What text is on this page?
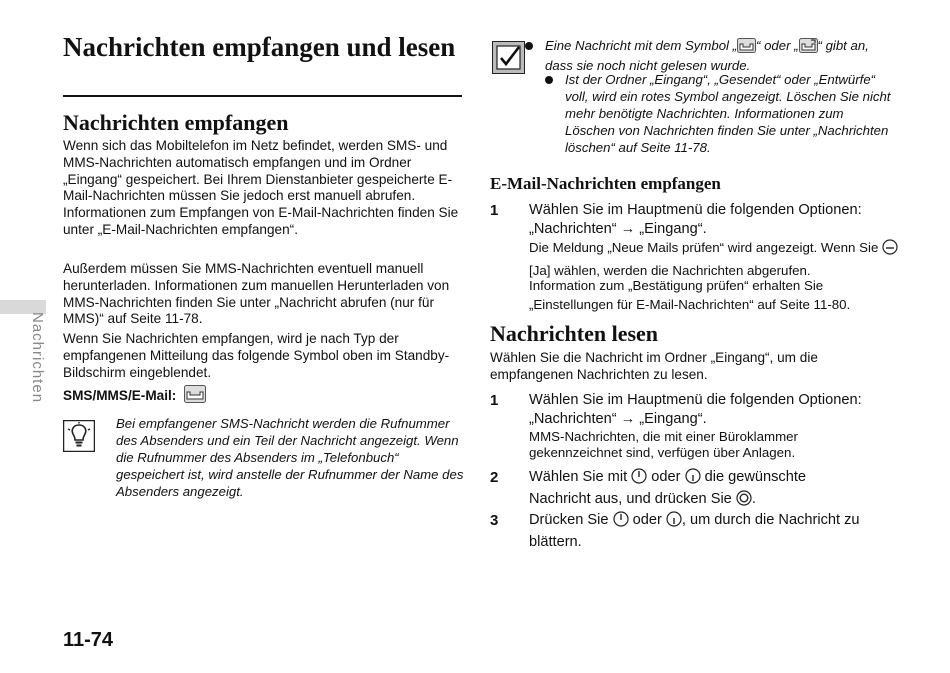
Nachrichten
Nachrichten empfangen und lesen
Nachrichten empfangen
Wenn sich das Mobiltelefon im Netz befindet, werden SMS- und MMS-Nachrichten automatisch empfangen und im Ordner „Eingang“ gespeichert. Bei Ihrem Dienstanbieter gespeicherte E-Mail-Nachrichten müssen Sie jedoch erst manuell abrufen. Informationen zum Empfangen von E-Mail-Nachrichten finden Sie unter „E-Mail-Nachrichten empfangen“.
Außerdem müssen Sie MMS-Nachrichten eventuell manuell herunterladen. Informationen zum manuellen Herunterladen von MMS-Nachrichten finden Sie unter „Nachricht abrufen (nur für MMS)“ auf Seite 11-78.
Wenn Sie Nachrichten empfangen, wird je nach Typ der empfangenen Mitteilung das folgende Symbol oben im Standby-Bildschirm eingeblendet.
SMS/MMS/E-Mail:
Bei empfangener SMS-Nachricht werden die Rufnummer des Absenders und ein Teil der Nachricht angezeigt. Wenn die Rufnummer des Absenders im „Telefonbuch“ gespeichert ist, wird anstelle der Rufnummer der Name des Absenders angezeigt.
11-74
Eine Nachricht mit dem Symbol „ “ oder „ “ gibt an, dass sie noch nicht gelesen wurde.
Ist der Ordner „Eingang“, „Gesendet“ oder „Entwürfe“ voll, wird ein rotes Symbol angezeigt. Löschen Sie nicht mehr benötigte Nachrichten. Informationen zum Löschen von Nachrichten finden Sie unter „Nachrichten löschen“ auf Seite 11-78.
E-Mail-Nachrichten empfangen
1 Wählen Sie im Hauptmenü die folgenden Optionen:
„Nachrichten“ → „Eingang“.
Die Meldung „Neue Mails prüfen“ wird angezeigt. Wenn Sie  [Ja] wählen, werden die Nachrichten abgerufen.
Information zum „Bestätigung prüfen“ erhalten Sie „Einstellungen für E-Mail-Nachrichten“ auf Seite 11-80.
Nachrichten lesen
Wählen Sie die Nachricht im Ordner „Eingang“, um die empfangenen Nachrichten zu lesen.
1 Wählen Sie im Hauptmenü die folgenden Optionen:
„Nachrichten“ → „Eingang“.
MMS-Nachrichten, die mit einer Büroklammer gekennzeichnet sind, verfügen über Anlagen.
2 Wählen Sie mit  oder  die gewünschte
Nachricht aus, und drücken Sie .
3 Drücken Sie  oder , um durch die Nachricht zu
blättern.
